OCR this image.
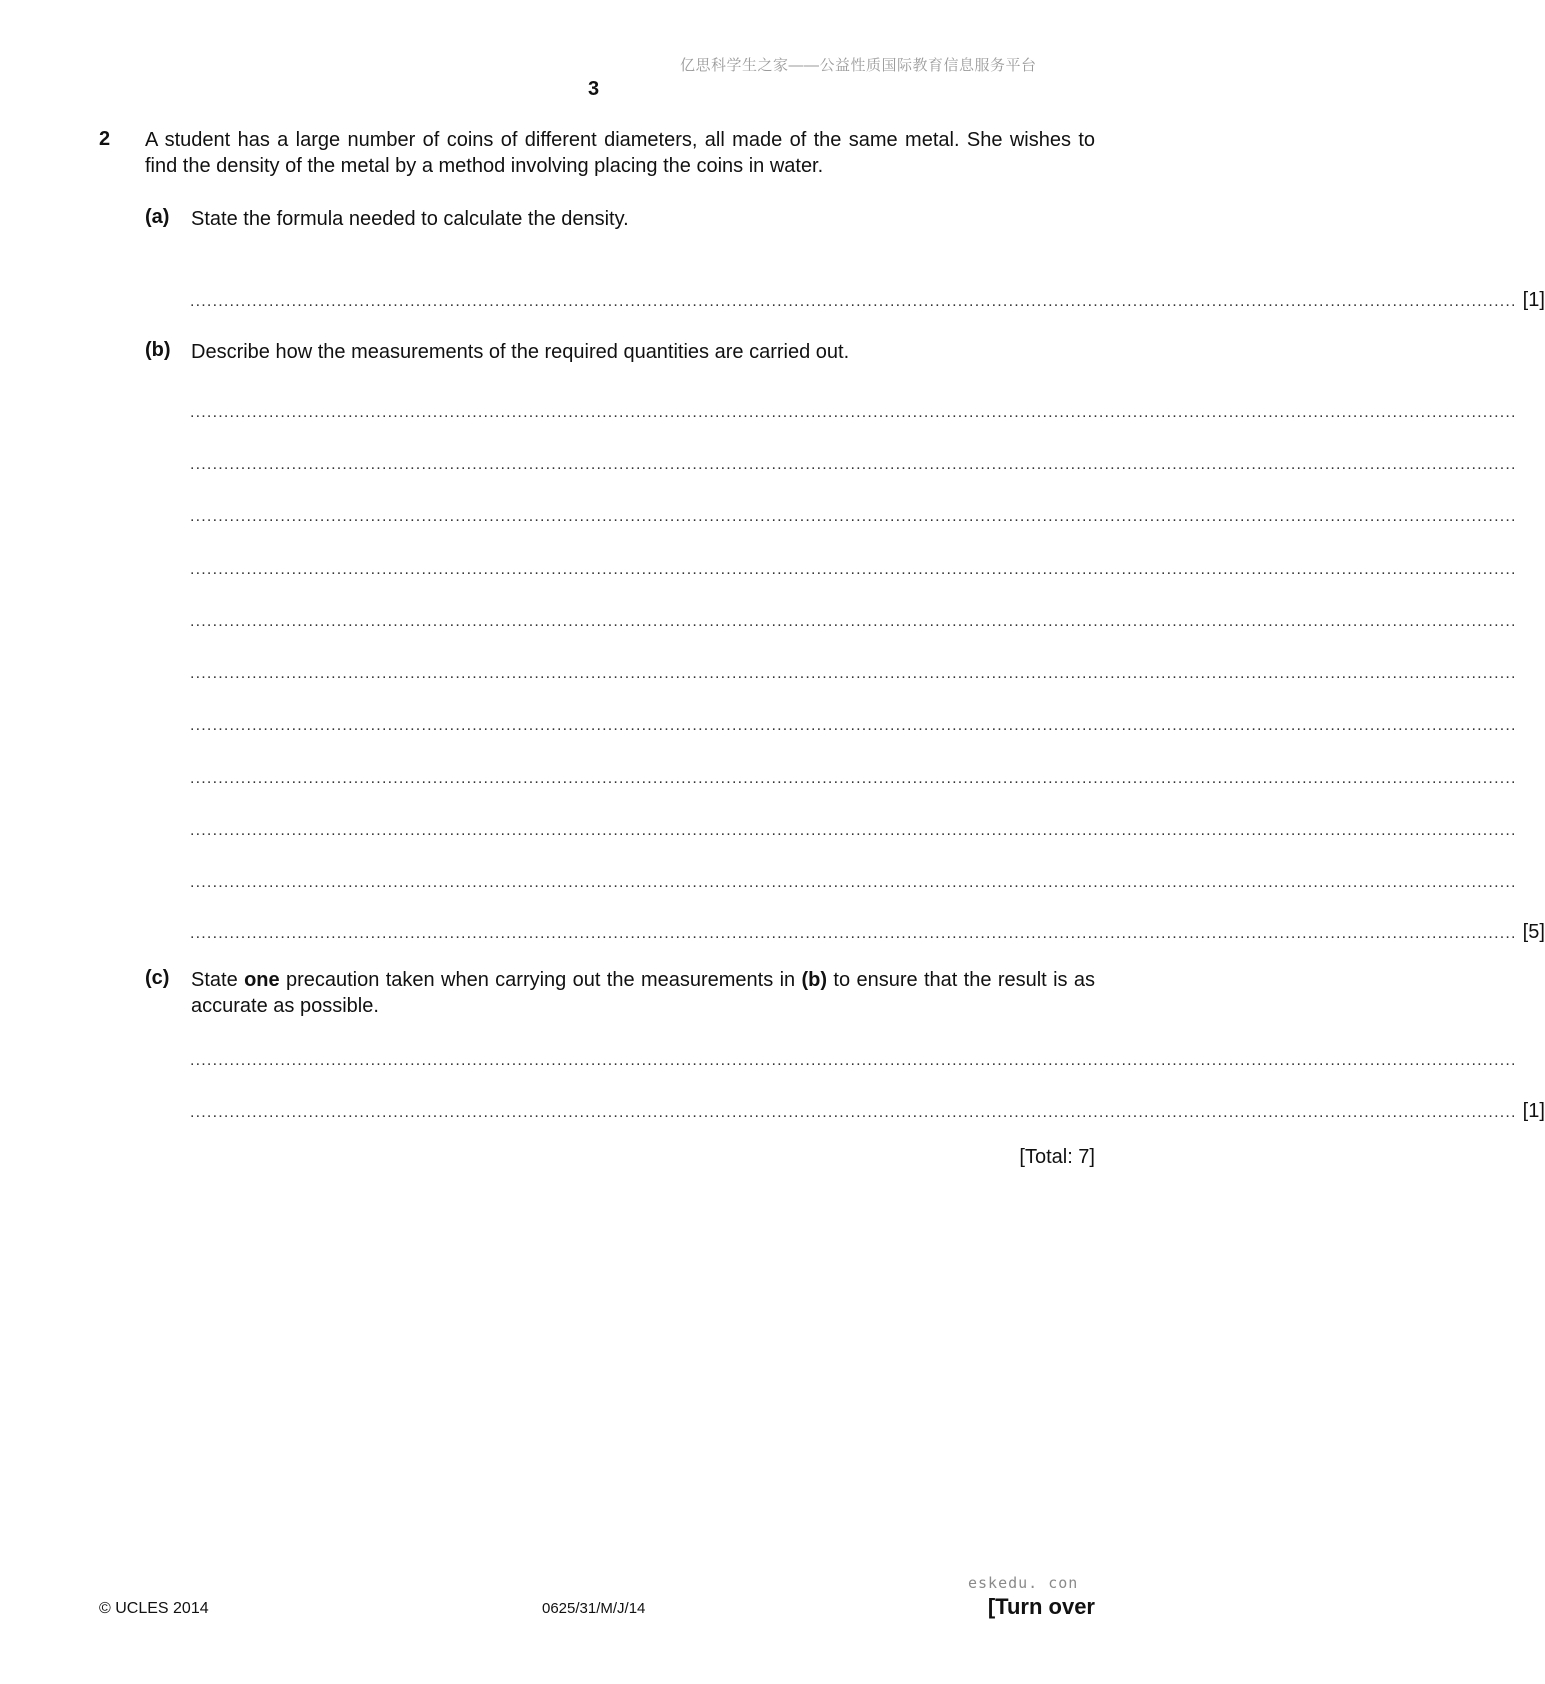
亿思科学生之家——公益性质国际教育信息服务平台
3
2 A student has a large number of coins of different diameters, all made of the same metal. She wishes to find the density of the metal by a method involving placing the coins in water.
(a) State the formula needed to calculate the density.
........................................................................................................................................................................................................................................... [1]
(b) Describe how the measurements of the required quantities are carried out.
...........................................................................................................................................................................................................................................
...........................................................................................................................................................................................................................................
...........................................................................................................................................................................................................................................
...........................................................................................................................................................................................................................................
...........................................................................................................................................................................................................................................
...........................................................................................................................................................................................................................................
...........................................................................................................................................................................................................................................
...........................................................................................................................................................................................................................................
...........................................................................................................................................................................................................................................
...........................................................................................................................................................................................................................................
........................................................................................................................................................................................................................................... [5]
(c) State one precaution taken when carrying out the measurements in (b) to ensure that the result is as accurate as possible.
...........................................................................................................................................................................................................................................
........................................................................................................................................................................................................................................... [1]
[Total: 7]
eskedu. con
© UCLES 2014	0625/31/M/J/14	[Turn over
